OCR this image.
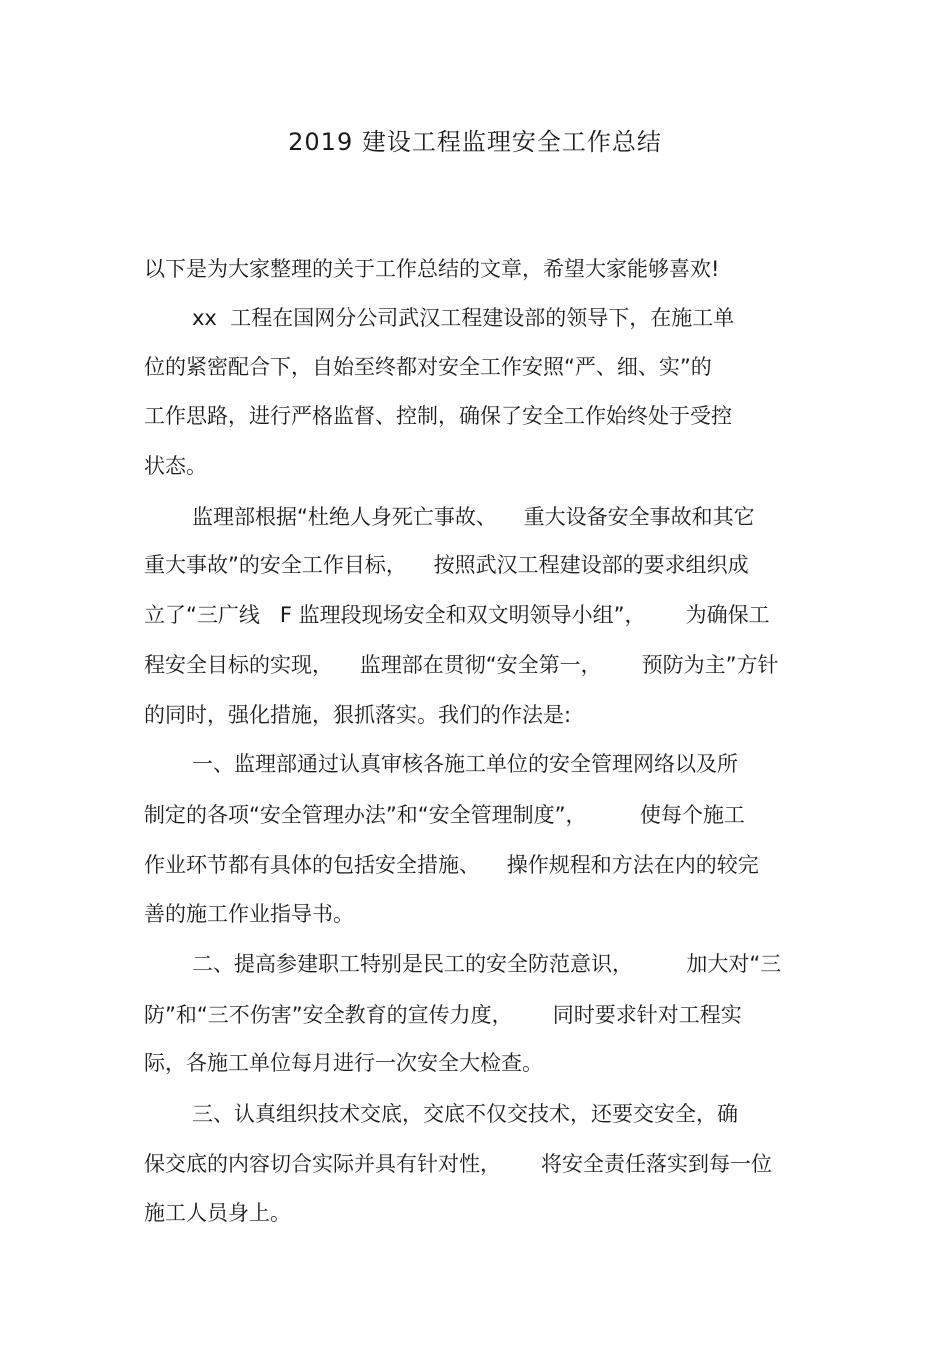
2019 建设工程监理安全工作总结
以下是为大家整理的关于工作总结的文章，希望大家能够喜欢!
xx  工程在国网分公司武汉工程建设部的领导下，在施工单
位的紧密配合下，自始至终都对安全工作安照“严、细、实”的
工作思路，进行严格监督、控制，确保了安全工作始终处于受控
状态。
监理部根据“杜绝人身死亡事故、    重大设备安全事故和其它
重大事故”的安全工作目标，    按照武汉工程建设部的要求组织成
立了“三广线   F 监理段现场安全和双文明领导小组”，      为确保工
程安全目标的实现，    监理部在贯彻“安全第一，      预防为主”方针
的同时，强化措施，狠抓落实。我们的作法是:
一、监理部通过认真审核各施工单位的安全管理网络以及所
制定的各项“安全管理办法”和“安全管理制度”，        使每个施工
作业环节都有具体的包括安全措施、    操作规程和方法在内的较完
善的施工作业指导书。
二、提高参建职工特别是民工的安全防范意识，        加大对“三
防”和“三不伤害”安全教育的宣传力度，      同时要求针对工程实
际，各施工单位每月进行一次安全大检查。
三、认真组织技术交底，交底不仅交技术，还要交安全，确
保交底的内容切合实际并具有针对性，      将安全责任落实到每一位
施工人员身上。
